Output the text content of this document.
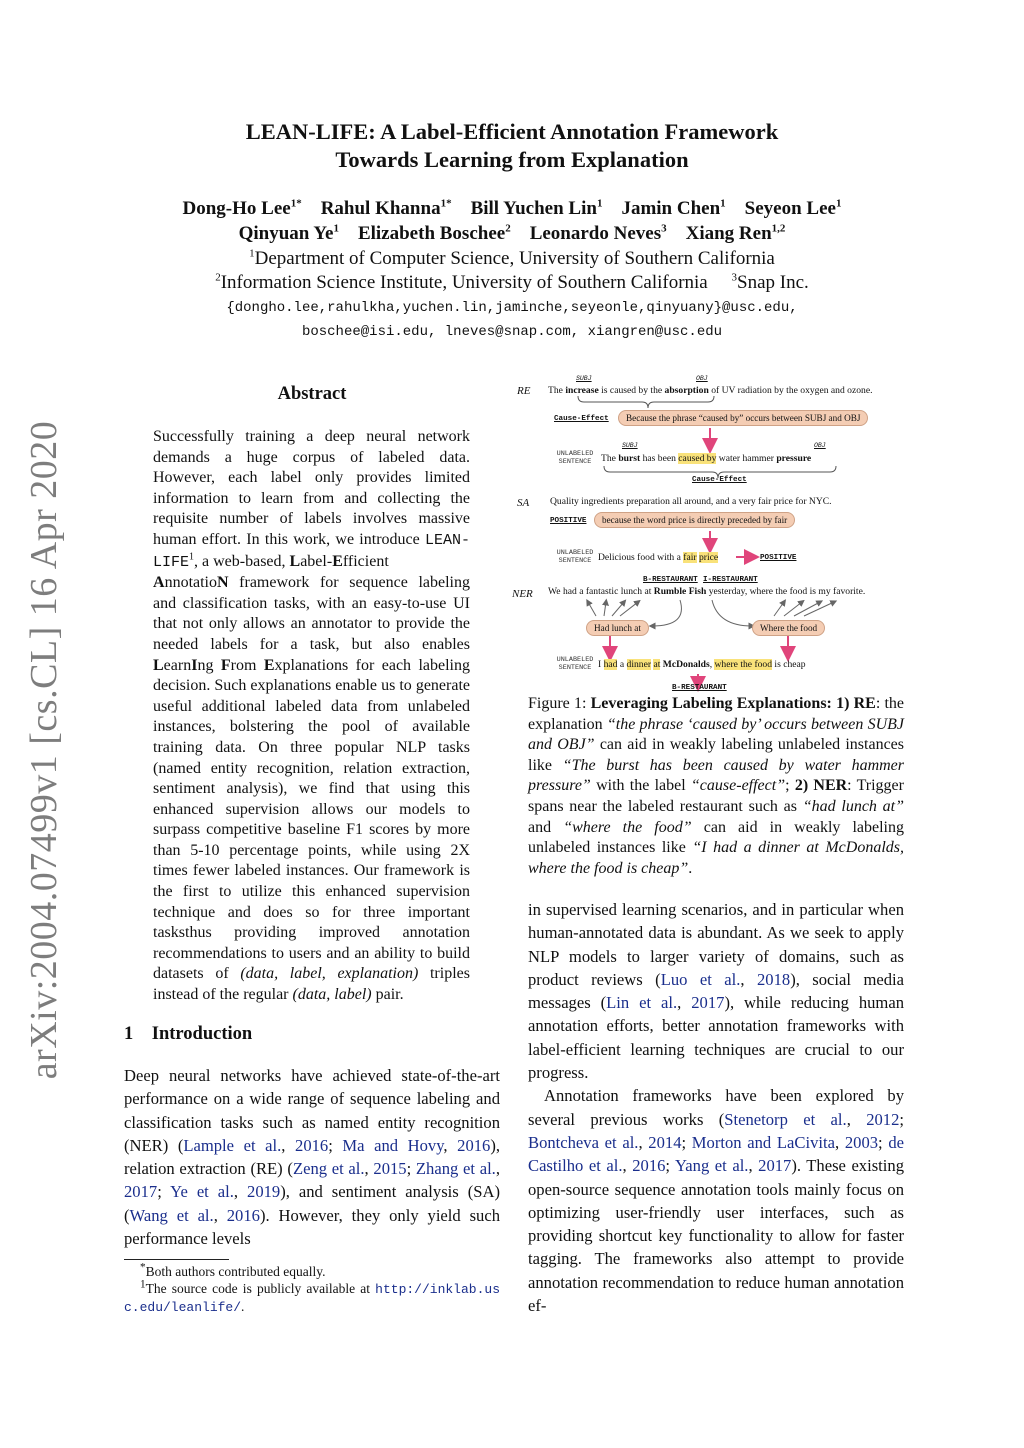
arXiv:2004.07499v1 [cs.CL] 16 Apr 2020
LEAN-LIFE: A Label-Efficient Annotation Framework
Towards Learning from Explanation
Dong-Ho Lee$^{1*}$ Rahul Khanna$^{1*}$ Bill Yuchen Lin$^1$ Jamin Chen$^1$ Seyeon Lee$^1$
Qinyuan Ye$^1$ Elizabeth Boschee$^2$ Leonardo Neves$^3$ Xiang Ren$^{1,2}$
$^1$Department of Computer Science, University of Southern California
$^2$Information Science Institute, University of Southern California $^3$Snap Inc.
{dongho.lee,rahulkha,yuchen.lin,jaminche,seyeonle,qinyuany}@usc.edu,
boschee@isi.edu, lneves@snap.com, xiangren@usc.edu
Abstract

Successfully training a deep neural network demands a huge corpus of labeled data. However, each label only provides limited information to learn from and collecting the requisite number of labels involves massive human effort. In this work, we introduce LEAN-LIFE$^1$, a web-based, Label-Efficient
AnnotatioN framework for sequence labeling and classification tasks, with an easy-to-use UI that not only allows an annotator to provide the needed labels for a task, but also enables LearnIng From Explanations for each labeling decision. Such explanations enable us to generate useful additional labeled data from unlabeled instances, bolstering the pool of available training data. On three popular NLP tasks (named entity recognition, relation extraction, sentiment analysis), we find that using this enhanced supervision allows our models to surpass competitive baseline F1 scores by more than 5-10 percentage points, while using 2X times fewer labeled instances. Our framework is the first to utilize this enhanced supervision technique and does so for three important tasksthus providing improved annotation recommendations to users and an ability to build datasets of (data, label, explanation) triples instead of the regular (data, label) pair.

1 Introduction

Deep neural networks have achieved state-of-the-art performance on a wide range of sequence labeling and classification tasks such as named entity recognition (NER) (Lample et al., 2016; Ma and Hovy, 2016), relation extraction (RE) (Zeng et al., 2015; Zhang et al., 2017; Ye et al., 2019), and sentiment analysis (SA) (Wang et al., 2016). However, they only yield such performance levels

*Both authors contributed equally.
$^1$The source code is publicly available at http://inklab.usc.edu/leanlife/.
RE
SUBJ	OBJ
The increase is caused by the absorption of UV radiation by the oxygen and ozone.
Cause-Effect	Because the phrase “caused by” occurs between SUBJ and OBJ
UNLABELED SENTENCE
SUBJ	OBJ
The burst has been caused by water hammer pressure
Cause-Effect
SA Quality ingredients preparation all around, and a very fair price for NYC.
POSITIVE	because the word price is directly preceded by fair
UNLABELED SENTENCE Delicious food with a fair price	POSITIVE
NER
B-RESTAURANT I-RESTAURANT
We had a fantastic lunch at Rumble Fish yesterday, where the food is my favorite.
Had lunch at	Where the food
UNLABELED SENTENCE I had a dinner at McDonalds, where the food is cheap
B-RESTAURANT

Figure 1: Leveraging Labeling Explanations: 1) RE: the explanation “the phrase ‘caused by’ occurs between SUBJ and OBJ” can aid in weakly labeling unlabeled instances like “The burst has been caused by water hammer pressure” with the label “cause-effect”; 2) NER: Trigger spans near the labeled restaurant such as “had lunch at” and “where the food” can aid in weakly labeling unlabeled instances like “I had a dinner at McDonalds, where the food is cheap”.

in supervised learning scenarios, and in particular when human-annotated data is abundant. As we seek to apply NLP models to larger variety of domains, such as product reviews (Luo et al., 2018), social media messages (Lin et al., 2017), while reducing human annotation efforts, better annotation frameworks with label-efficient learning techniques are crucial to our progress.

Annotation frameworks have been explored by several previous works (Stenetorp et al., 2012; Bontcheva et al., 2014; Morton and LaCivita, 2003; de Castilho et al., 2016; Yang et al., 2017). These existing open-source sequence annotation tools mainly focus on optimizing user-friendly user interfaces, such as providing shortcut key functionality to allow for faster tagging. The frameworks also attempt to provide annotation recommendation to reduce human annotation ef-
